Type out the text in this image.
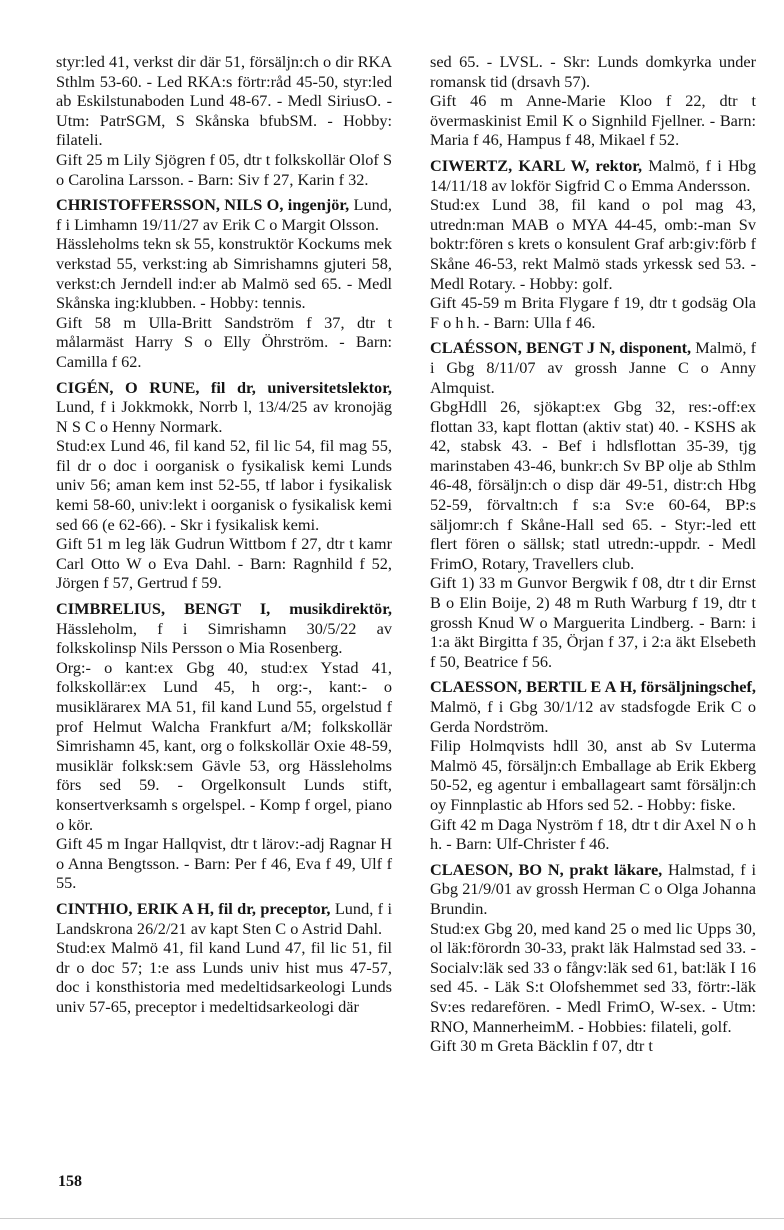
styr:led 41, verkst dir där 51, försäljn:ch o dir RKA Sthlm 53-60. - Led RKA:s förtr:råd 45-50, styr:led ab Eskilstunaboden Lund 48-67. - Medl SiriusO. - Utm: PatrSGM, S Skånska bfubSM. - Hobby: filateli.

Gift 25 m Lily Sjögren f 05, dtr t folkskollär Olof S o Carolina Larsson. - Barn: Siv f 27, Karin f 32.

CHRISTOFFERSSON, NILS O, ingenjör, Lund, f i Limhamn 19/11/27 av Erik C o Margit Olsson.

Hässleholms tekn sk 55, konstruktör Kockums mek verkstad 55, verkst:ing ab Simrishamns gjuteri 58, verkst:ch Jerndell ind:er ab Malmö sed 65. - Medl Skånska ing:klubben. - Hobby: tennis.

Gift 58 m Ulla-Britt Sandström f 37, dtr t målarmäst Harry S o Elly Öhrström. - Barn: Camilla f 62.

CIGÉN, O RUNE, fil dr, universitetslektor, Lund, f i Jokkmokk, Norrb l, 13/4/25 av kronojäg N S C o Henny Normark.

Stud:ex Lund 46, fil kand 52, fil lic 54, fil mag 55, fil dr o doc i oorganisk o fysikalisk kemi Lunds univ 56; aman kem inst 52-55, tf labor i fysikalisk kemi 58-60, univ:lekt i oorganisk o fysikalisk kemi sed 66 (e 62-66). - Skr i fysikalisk kemi.

Gift 51 m leg läk Gudrun Wittbom f 27, dtr t kamr Carl Otto W o Eva Dahl. - Barn: Ragnhild f 52, Jörgen f 57, Gertrud f 59.

CIMBRELIUS, BENGT I, musikdirektör, Hässleholm, f i Simrishamn 30/5/22 av folkskolinsp Nils Persson o Mia Rosenberg.

Org:- o kant:ex Gbg 40, stud:ex Ystad 41, folkskollär:ex Lund 45, h org:-, kant:- o musiklärarex MA 51, fil kand Lund 55, orgelstud f prof Helmut Walcha Frankfurt a/M; folkskollär Simrishamn 45, kant, org o folkskollär Oxie 48-59, musiklär folksk:sem Gävle 53, org Hässleholms förs sed 59. - Orgelkonsult Lunds stift, konsertverksamh s orgelspel. - Komp f orgel, piano o kör.

Gift 45 m Ingar Hallqvist, dtr t lärov:-adj Ragnar H o Anna Bengtsson. - Barn: Per f 46, Eva f 49, Ulf f 55.

CINTHIO, ERIK A H, fil dr, preceptor, Lund, f i Landskrona 26/2/21 av kapt Sten C o Astrid Dahl.

Stud:ex Malmö 41, fil kand Lund 47, fil lic 51, fil dr o doc 57; 1:e ass Lunds univ hist mus 47-57, doc i konsthistoria med medeltidsarkeologi Lunds univ 57-65, preceptor i medeltidsarkeologi där

sed 65. - LVSL. - Skr: Lunds domkyrka under romansk tid (drsavh 57).

Gift 46 m Anne-Marie Kloo f 22, dtr t övermaskinist Emil K o Signhild Fjellner. - Barn: Maria f 46, Hampus f 48, Mikael f 52.

CIWERTZ, KARL W, rektor, Malmö, f i Hbg 14/11/18 av lokför Sigfrid C o Emma Andersson.

Stud:ex Lund 38, fil kand o pol mag 43, utredn:man MAB o MYA 44-45, omb:-man Sv boktr:fören s krets o konsulent Graf arb:giv:förb f Skåne 46-53, rekt Malmö stads yrkessk sed 53. - Medl Rotary. - Hobby: golf.

Gift 45-59 m Brita Flygare f 19, dtr t godsäg Ola F o h h. - Barn: Ulla f 46.

CLAÉSSON, BENGT J N, disponent, Malmö, f i Gbg 8/11/07 av grossh Janne C o Anny Almquist.

GbgHdll 26, sjökapt:ex Gbg 32, res:-off:ex flottan 33, kapt flottan (aktiv stat) 40. - KSHS ak 42, stabsk 43. - Bef i hdlsflottan 35-39, tjg marinstaben 43-46, bunkr:ch Sv BP olje ab Sthlm 46-48, försäljn:ch o disp där 49-51, distr:ch Hbg 52-59, förvaltn:ch f s:a Sv:e 60-64, BP:s säljomr:ch f Skåne-Hall sed 65. - Styr:-led ett flert fören o sällsk; statl utredn:-uppdr. - Medl FrimO, Rotary, Travellers club.

Gift 1) 33 m Gunvor Bergwik f 08, dtr t dir Ernst B o Elin Boije, 2) 48 m Ruth Warburg f 19, dtr t grossh Knud W o Marguerita Lindberg. - Barn: i 1:a äkt Birgitta f 35, Örjan f 37, i 2:a äkt Elsebeth f 50, Beatrice f 56.

CLAESSON, BERTIL E A H, försäljningschef, Malmö, f i Gbg 30/1/12 av stadsfogde Erik C o Gerda Nordström.

Filip Holmqvists hdll 30, anst ab Sv Luterma Malmö 45, försäljn:ch Emballage ab Erik Ekberg 50-52, eg agentur i emballageart samt försäljn:ch oy Finnplastic ab Hfors sed 52. - Hobby: fiske.

Gift 42 m Daga Nyström f 18, dtr t dir Axel N o h h. - Barn: Ulf-Christer f 46.

CLAESON, BO N, prakt läkare, Halmstad, f i Gbg 21/9/01 av grossh Herman C o Olga Johanna Brundin.

Stud:ex Gbg 20, med kand 25 o med lic Upps 30, ol läk:förordn 30-33, prakt läk Halmstad sed 33. - Socialv:läk sed 33 o fångv:läk sed 61, bat:läk I 16 sed 45. - Läk S:t Olofshemmet sed 33, förtr:-läk Sv:es redarefören. - Medl FrimO, W-sex. - Utm: RNO, MannerheimM. - Hobbies: filateli, golf.

Gift 30 m Greta Bäcklin f 07, dtr t

158
